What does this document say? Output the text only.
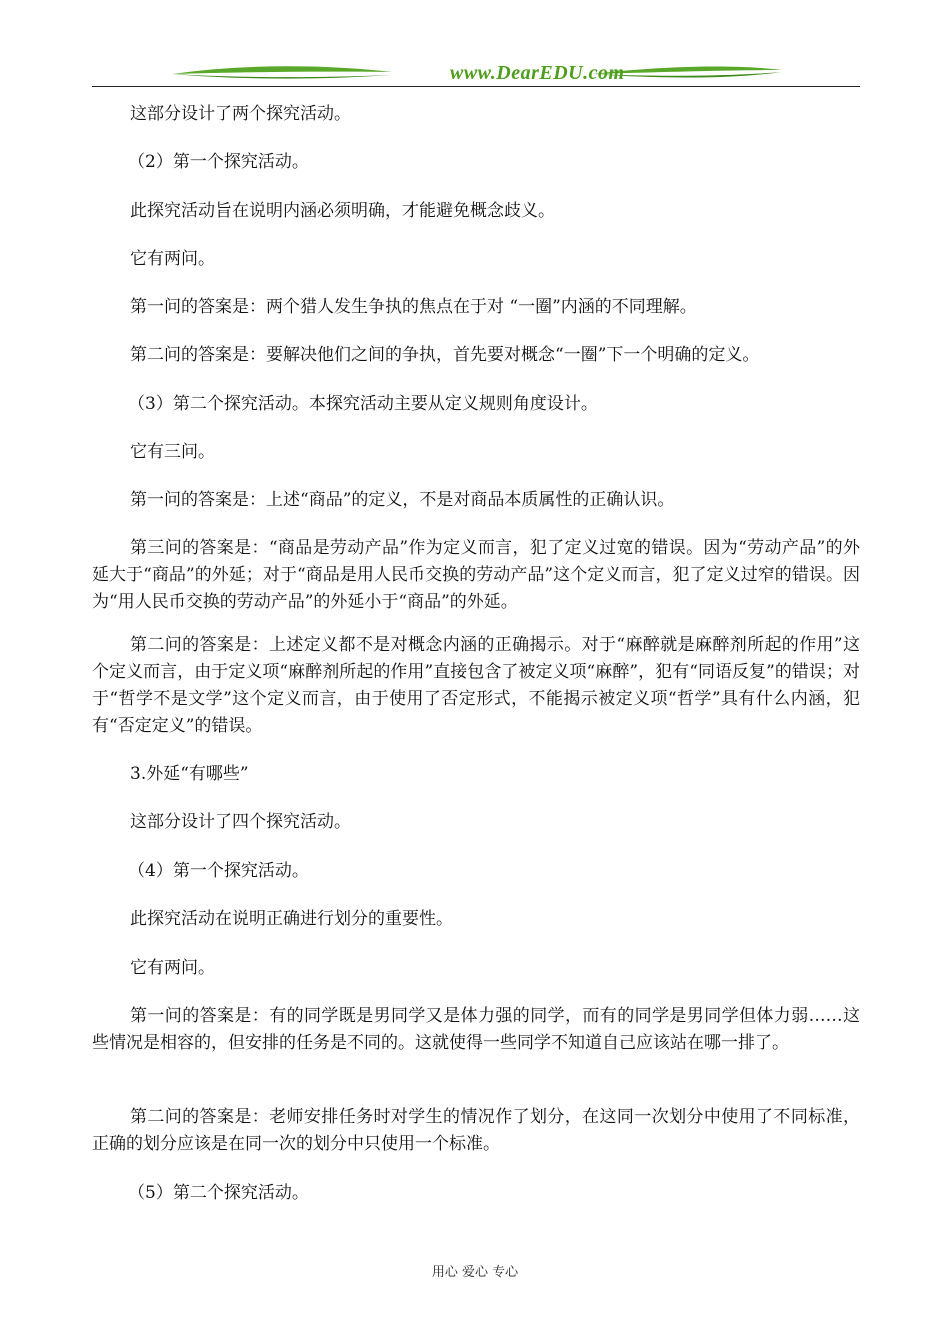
www.DearEDU.com
这部分设计了两个探究活动。
（2）第一个探究活动。
此探究活动旨在说明内涵必须明确，才能避免概念歧义。
它有两问。
第一问的答案是：两个猎人发生争执的焦点在于对 “一圈”内涵的不同理解。
第二问的答案是：要解决他们之间的争执，首先要对概念“一圈”下一个明确的定义。
（3）第二个探究活动。本探究活动主要从定义规则角度设计。
它有三问。
第一问的答案是：上述“商品”的定义，不是对商品本质属性的正确认识。
第三问的答案是：“商品是劳动产品”作为定义而言，犯了定义过宽的错误。因为“劳动产品”的外延大于“商品”的外延；对于“商品是用人民币交换的劳动产品”这个定义而言，犯了定义过窄的错误。因为“用人民币交换的劳动产品”的外延小于“商品”的外延。
第二问的答案是：上述定义都不是对概念内涵的正确揭示。对于“麻醉就是麻醉剂所起的作用”这个定义而言，由于定义项“麻醉剂所起的作用”直接包含了被定义项“麻醉”，犯有“同语反复”的错误；对于“哲学不是文学”这个定义而言，由于使用了否定形式，不能揭示被定义项“哲学”具有什么内涵，犯有“否定定义”的错误。
3.外延“有哪些”
这部分设计了四个探究活动。
（4）第一个探究活动。
此探究活动在说明正确进行划分的重要性。
它有两问。
第一问的答案是：有的同学既是男同学又是体力强的同学，而有的同学是男同学但体力弱……这些情况是相容的，但安排的任务是不同的。这就使得一些同学不知道自己应该站在哪一排了。
第二问的答案是：老师安排任务时对学生的情况作了划分，在这同一次划分中使用了不同标准，正确的划分应该是在同一次的划分中只使用一个标准。
（5）第二个探究活动。
用心 爱心 专心
